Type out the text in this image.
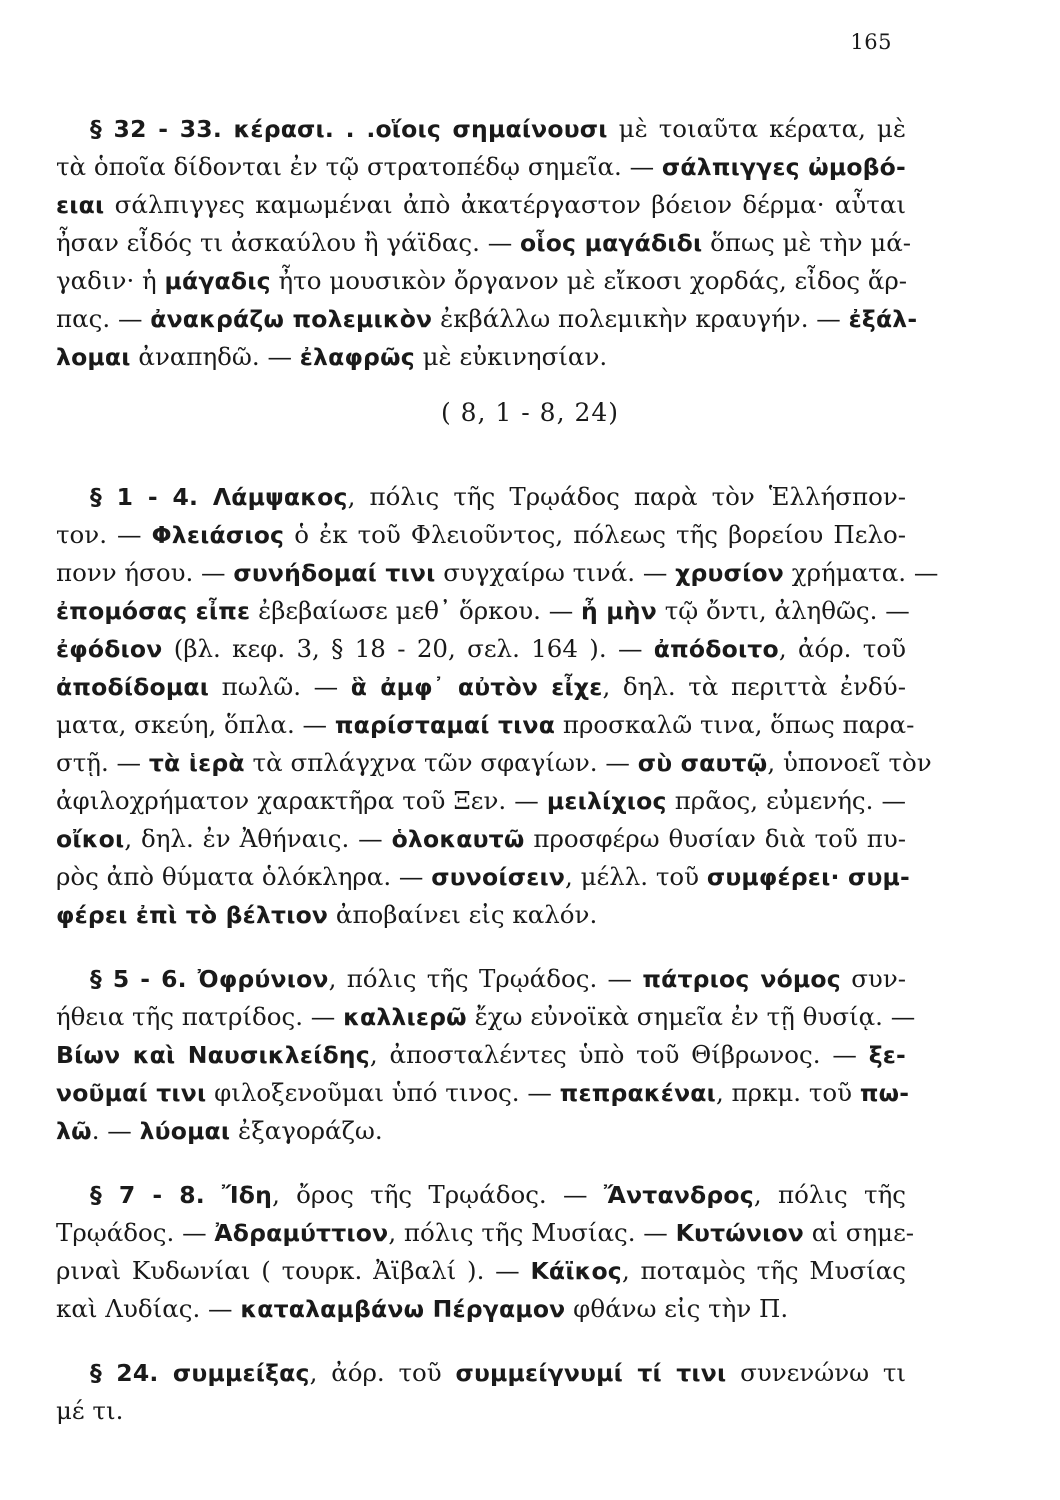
165
( 8, 1 - 8, 24)
§ 32 - 33. κέρασι. . .οἵοις σημαίνουσι μὲ τοιαῦτα κέρατα, μὲ
τὰ ὁποῖα δίδονται ἐν τῷ στρατοπέδῳ σημεῖα. — σάλπιγγες ὠμοβό-
ειαι σάλπιγγες καμωμέναι ἀπὸ ἀκατέργαστον βόειον δέρμα· αὗται
ἦσαν εἶδός τι ἀσκαύλου ἢ γάϊδας. — οἷος μαγάδιδι ὅπως μὲ τὴν μά-
γαδιν· ἡ μάγαδις ἦτο μουσικὸν ὄργανον μὲ εἴκοσι χορδάς, εἶδος ἅρ-
πας. — ἀνακράζω πολεμικὸν ἐκβάλλω πολεμικὴν κραυγήν. — ἐξάλ-
λομαι ἀναπηδῶ. — ἐλαφρῶς μὲ εὐκινησίαν.
§ 1 - 4. Λάμψακος, πόλις τῆς Τρῳάδος παρὰ τὸν Ἑλλήσπον-
τον. — Φλειάσιος ὁ ἐκ τοῦ Φλειοῦντος, πόλεως τῆς βορείου Πελο-
πονν ήσου. — συνήδομαί τινι συγχαίρω τινά. — χρυσίον χρήματα. —
ἐπομόσας εἶπε ἐβεβαίωσε μεθ᾽ ὅρκου. — ἦ μὴν τῷ ὄντι, ἀληθῶς. —
ἐφόδιον (βλ. κεφ. 3, § 18 - 20, σελ. 164 ). — ἀπόδοιτο, ἀόρ. τοῦ
ἀποδίδομαι πωλῶ. — ἃ ἀμφ᾽ αὐτὸν εἶχε, δηλ. τὰ περιττὰ ἐνδύ-
ματα, σκεύη, ὅπλα. — παρίσταμαί τινα προσκαλῶ τινα, ὅπως παρα-
στῇ. — τὰ ἱερὰ τὰ σπλάγχνα τῶν σφαγίων. — σὺ σαυτῷ, ὑπονοεῖ τὸν
ἀφιλοχρήματον χαρακτῆρα τοῦ Ξεν. — μειλίχιος πρᾶος, εὐμενής. —
οἴκοι, δηλ. ἐν Ἀθήναις. — ὁλοκαυτῶ προσφέρω θυσίαν διὰ τοῦ πυ-
ρὸς ἀπὸ θύματα ὁλόκληρα. — συνοίσειν, μέλλ. τοῦ συμφέρει· συμ-
φέρει ἐπὶ τὸ βέλτιον ἀποβαίνει εἰς καλόν.
§ 5 - 6. Ὀφρύνιον, πόλις τῆς Τρῳάδος. — πάτριος νόμος συν-
ήθεια τῆς πατρίδος. — καλλιερῶ ἔχω εὐνοϊκὰ σημεῖα ἐν τῇ θυσίᾳ. —
Βίων καὶ Ναυσικλείδης, ἀποσταλέντες ὑπὸ τοῦ Θίβρωνος. — ξε-
νοῦμαί τινι φιλοξενοῦμαι ὑπό τινος. — πεπρακέναι, πρκμ. τοῦ πω-
λῶ. — λύομαι ἐξαγοράζω.
§ 7 - 8. Ἴδη, ὄρος τῆς Τρῳάδος. — Ἄντανδρος, πόλις τῆς
Τρῳάδος. — Ἀδραμύττιον, πόλις τῆς Μυσίας. — Κυτώνιον αἱ σημε-
ριναὶ Κυδωνίαι ( τουρκ. Ἀϊβαλί ). — Κάϊκος, ποταμὸς τῆς Μυσίας
καὶ Λυδίας. — καταλαμβάνω Πέργαμον φθάνω εἰς τὴν Π.
§ 24. συμμείξας, ἀόρ. τοῦ συμμείγνυμί τί τινι συνενώνω τι
μέ τι.
